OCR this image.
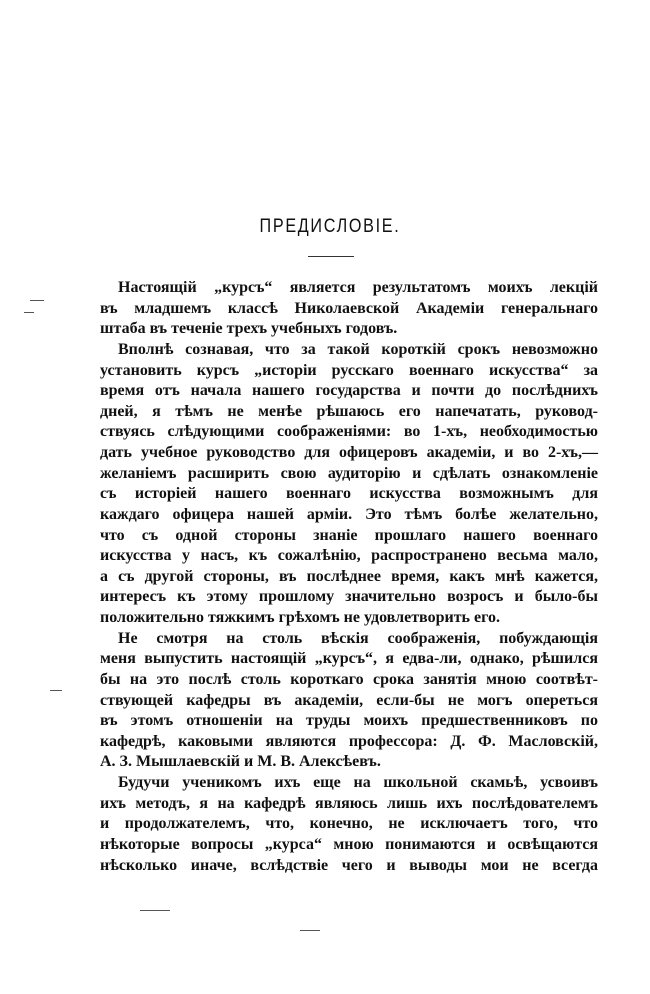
ПРЕДИСЛОВІЕ.
Настоящій „курсъ“ является результатомъ моихъ лекцій
въ младшемъ классѣ Николаевской Академіи генеральнаго
штаба въ теченіе трехъ учебныхъ годовъ.
Вполнѣ сознавая, что за такой короткій срокъ невозможно
установить курсъ „исторіи русскаго военнаго искусства“ за
время отъ начала нашего государства и почти до послѣднихъ
дней, я тѣмъ не менѣе рѣшаюсь его напечатать, руковод-
ствуясь слѣдующими соображеніями: во 1-хъ, необходимостью
дать учебное руководство для офицеровъ академіи, и во 2-хъ,—
желаніемъ расширить свою аудиторію и сдѣлать ознакомленіе
съ исторіей нашего военнаго искусства возможнымъ для
каждаго офицера нашей арміи. Это тѣмъ болѣе желательно,
что съ одной стороны знаніе прошлаго нашего военнаго
искусства у насъ, къ сожалѣнію, распространено весьма мало,
а съ другой стороны, въ послѣднее время, какъ мнѣ кажется,
интересъ къ этому прошлому значительно возросъ и было-бы
положительно тяжкимъ грѣхомъ не удовлетворить его.
Не смотря на столь вѣскія соображенія, побуждающія
меня выпустить настоящій „курсъ“, я едва-ли, однако, рѣшился
бы на это послѣ столь короткаго срока занятія мною соотвѣт-
ствующей кафедры въ академіи, если-бы не могъ опереться
въ этомъ отношеніи на труды моихъ предшественниковъ по
кафедрѣ, каковыми являются профессора: Д. Ф. Масловскій,
А. З. Мышлаевскій и М. В. Алексѣевъ.
Будучи ученикомъ ихъ еще на школьной скамьѣ, усвоивъ
ихъ методъ, я на кафедрѣ являюсь лишь ихъ послѣдователемъ
и продолжателемъ, что, конечно, не исключаетъ того, что
нѣкоторые вопросы „курса“ мною понимаются и освѣщаются
нѣсколько иначе, вслѣдствіе чего и выводы мои не всегда
